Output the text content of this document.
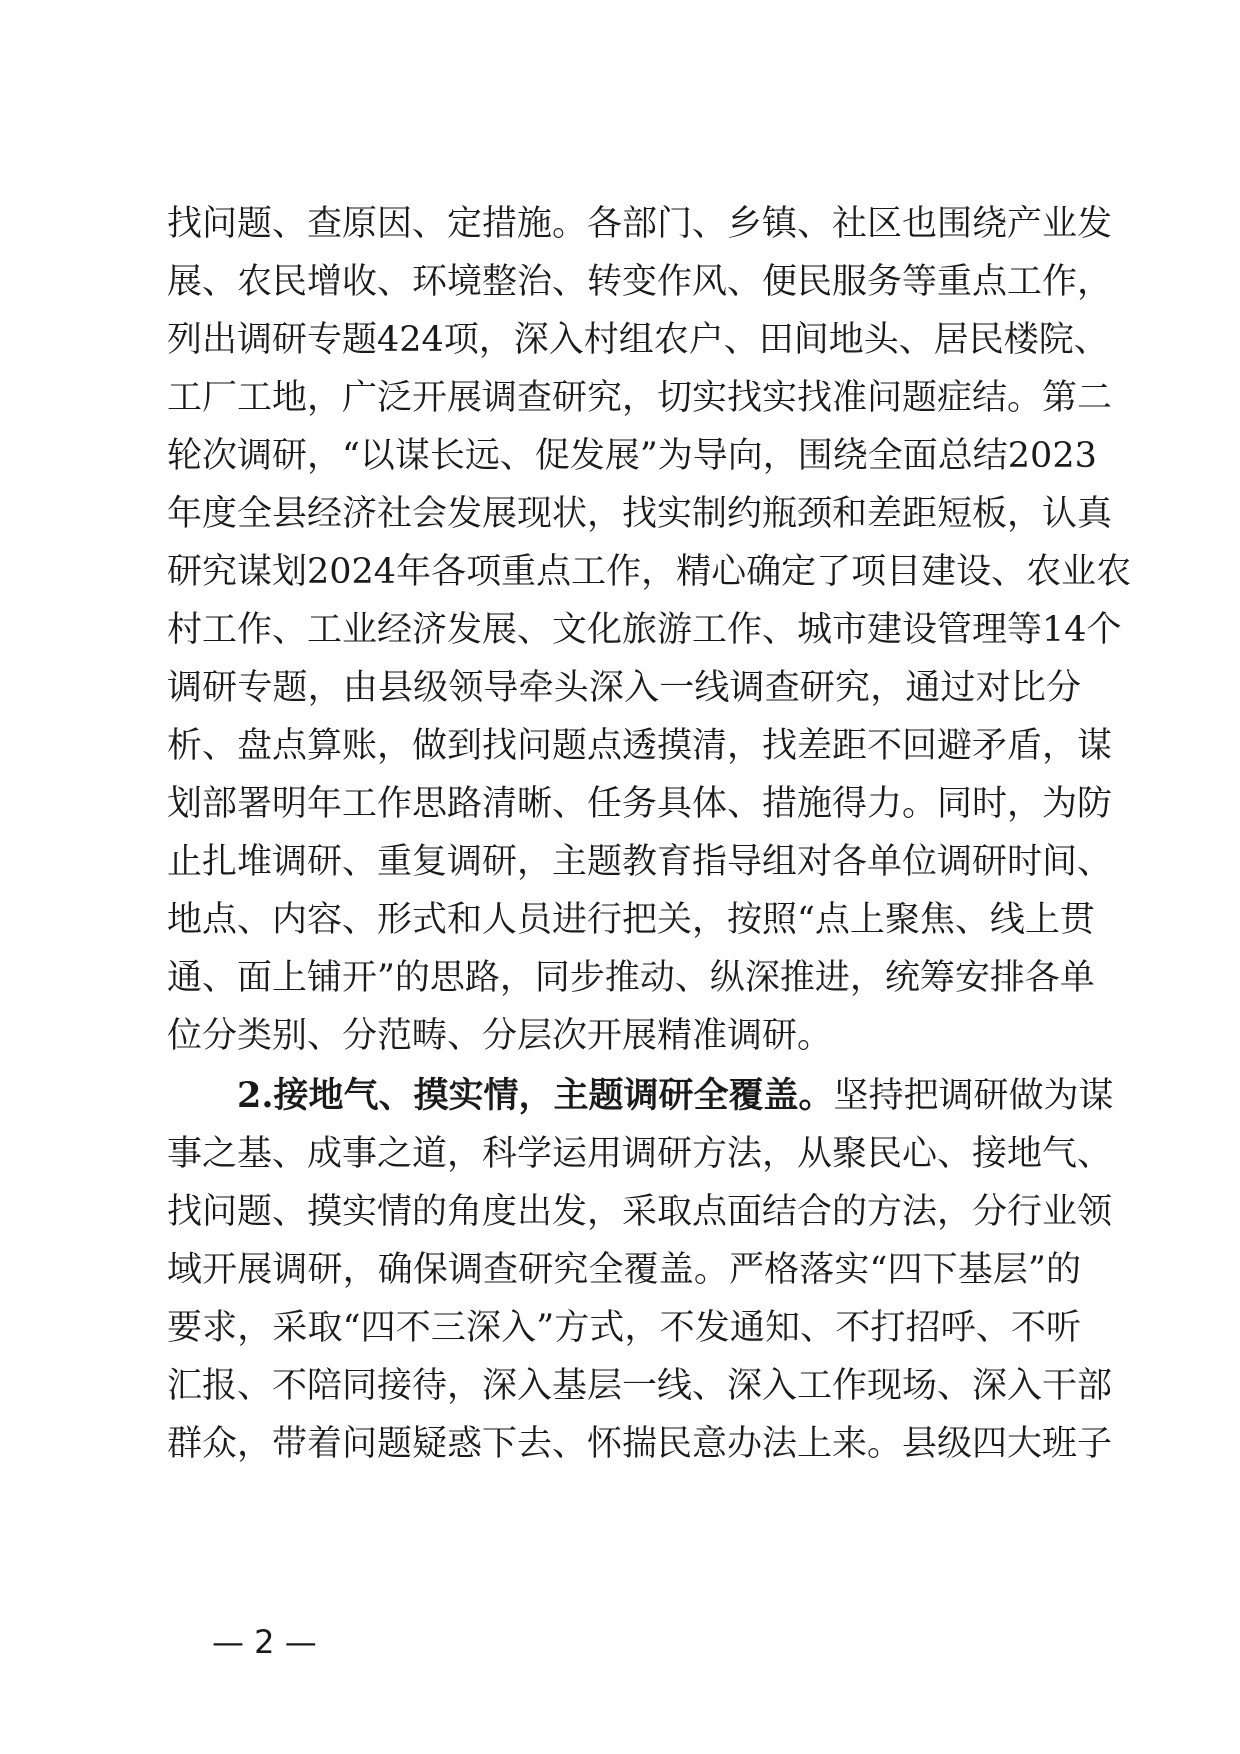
找问题、查原因、定措施。各部门、乡镇、社区也围绕产业发
展、农民增收、环境整治、转变作风、便民服务等重点工作，
列出调研专题424项，深入村组农户、田间地头、居民楼院、
工厂工地，广泛开展调查研究，切实找实找准问题症结。第二
轮次调研，“以谋长远、促发展”为导向，围绕全面总结2023
年度全县经济社会发展现状，找实制约瓶颈和差距短板，认真
研究谋划2024年各项重点工作，精心确定了项目建设、农业农
村工作、工业经济发展、文化旅游工作、城市建设管理等14个
调研专题，由县级领导牵头深入一线调查研究，通过对比分
析、盘点算账，做到找问题点透摸清，找差距不回避矛盾，谋
划部署明年工作思路清晰、任务具体、措施得力。同时，为防
止扎堆调研、重复调研，主题教育指导组对各单位调研时间、
地点、内容、形式和人员进行把关，按照“点上聚焦、线上贯
通、面上铺开”的思路，同步推动、纵深推进，统筹安排各单
位分类别、分范畴、分层次开展精准调研。
2.接地气、摸实情，主题调研全覆盖。坚持把调研做为谋
事之基、成事之道，科学运用调研方法，从聚民心、接地气、
找问题、摸实情的角度出发，采取点面结合的方法，分行业领
域开展调研，确保调查研究全覆盖。严格落实“四下基层”的
要求，采取“四不三深入”方式，不发通知、不打招呼、不听
汇报、不陪同接待，深入基层一线、深入工作现场、深入干部
群众，带着问题疑惑下去、怀揣民意办法上来。县级四大班子
— 2 —
